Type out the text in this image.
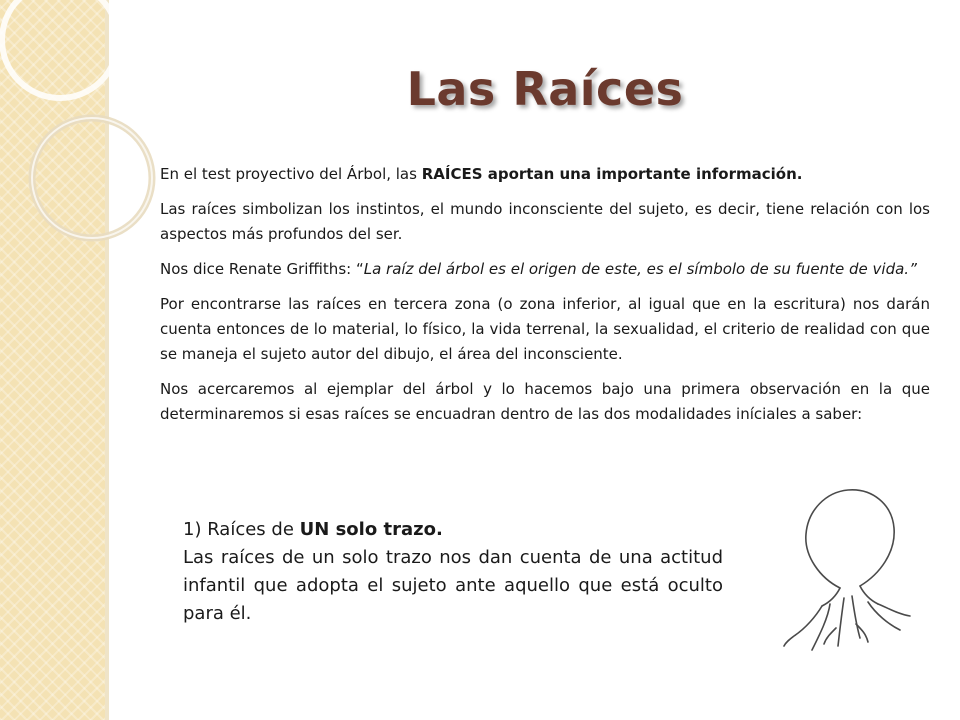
Las Raíces

En el test proyectivo del Árbol, las RAÍCES aportan una importante información.

Las raíces simbolizan los instintos, el mundo inconsciente del sujeto, es decir, tiene relación con los aspectos más profundos del ser.

Nos dice Renate Griffiths: “La raíz del árbol es el origen de este, es el símbolo de su fuente de vida.”

Por encontrarse las raíces en tercera zona (o zona inferior, al igual que en la escritura) nos darán cuenta entonces de lo material, lo físico, la vida terrenal, la sexualidad, el criterio de realidad con que se maneja el sujeto autor del dibujo, el área del inconsciente.

Nos acercaremos al ejemplar del árbol y lo hacemos bajo una primera observación en la que determinaremos si esas raíces se encuadran dentro de las dos modalidades iníciales a saber:

1) Raíces de UN solo trazo.

Las raíces de un solo trazo nos dan cuenta de una actitud infantil que adopta el sujeto ante aquello que está oculto para él.
